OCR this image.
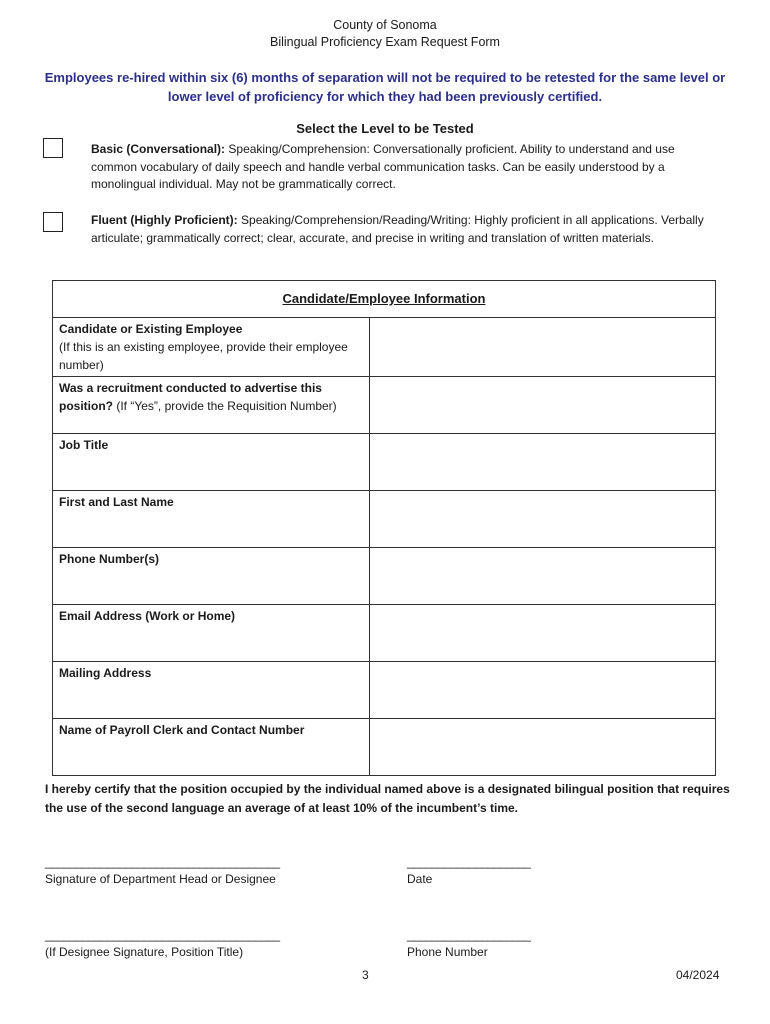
County of Sonoma
Bilingual Proficiency Exam Request Form
Employees re-hired within six (6) months of separation will not be required to be retested for the same level or lower level of proficiency for which they had been previously certified.
Select the Level to be Tested
Basic (Conversational): Speaking/Comprehension: Conversationally proficient. Ability to understand and use common vocabulary of daily speech and handle verbal communication tasks. Can be easily understood by a monolingual individual. May not be grammatically correct.
Fluent (Highly Proficient): Speaking/Comprehension/Reading/Writing: Highly proficient in all applications. Verbally articulate; grammatically correct; clear, accurate, and precise in writing and translation of written materials.
Candidate/Employee Information	
Candidate or Existing Employee
(If this is an existing employee, provide their employee number)	
Was a recruitment conducted to advertise this position? (If “Yes”, provide the Requisition Number)	
Job Title	
First and Last Name	
Phone Number(s)	
Email Address (Work or Home)	
Mailing Address	
Name of Payroll Clerk and Contact Number	
I hereby certify that the position occupied by the individual named above is a designated bilingual position that requires the use of the second language an average of at least 10% of the incumbent’s time.
______________________________________	____________________
Signature of Department Head or Designee	Date
______________________________________	____________________
(If Designee Signature, Position Title)	Phone Number
3	04/2024
